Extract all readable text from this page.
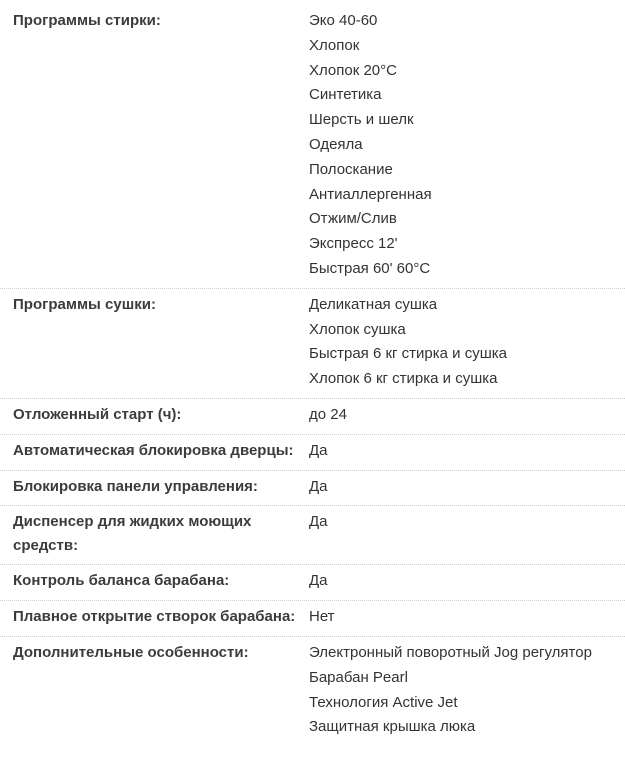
Программы стирки:	Эко 40-60
Хлопок
Хлопок 20°C
Синтетика
Шерсть и шелк
Одеяла
Полоскание
Антиаллергенная
Отжим/Слив
Экспресс 12'
Быстрая 60' 60°C
Программы сушки:	Деликатная сушка
Хлопок сушка
Быстрая 6 кг стирка и сушка
Хлопок 6 кг стирка и сушка
Отложенный старт (ч):	до 24
Автоматическая блокировка дверцы:	Да
Блокировка панели управления:	Да
Диспенсер для жидких моющих средств:
Да
Контроль баланса барабана:	Да
Плавное открытие створок барабана: Нет
Дополнительные особенности:	Электронный поворотный Jog регулятор
Барабан Pearl
Технология Active Jet
Защитная крышка люка
